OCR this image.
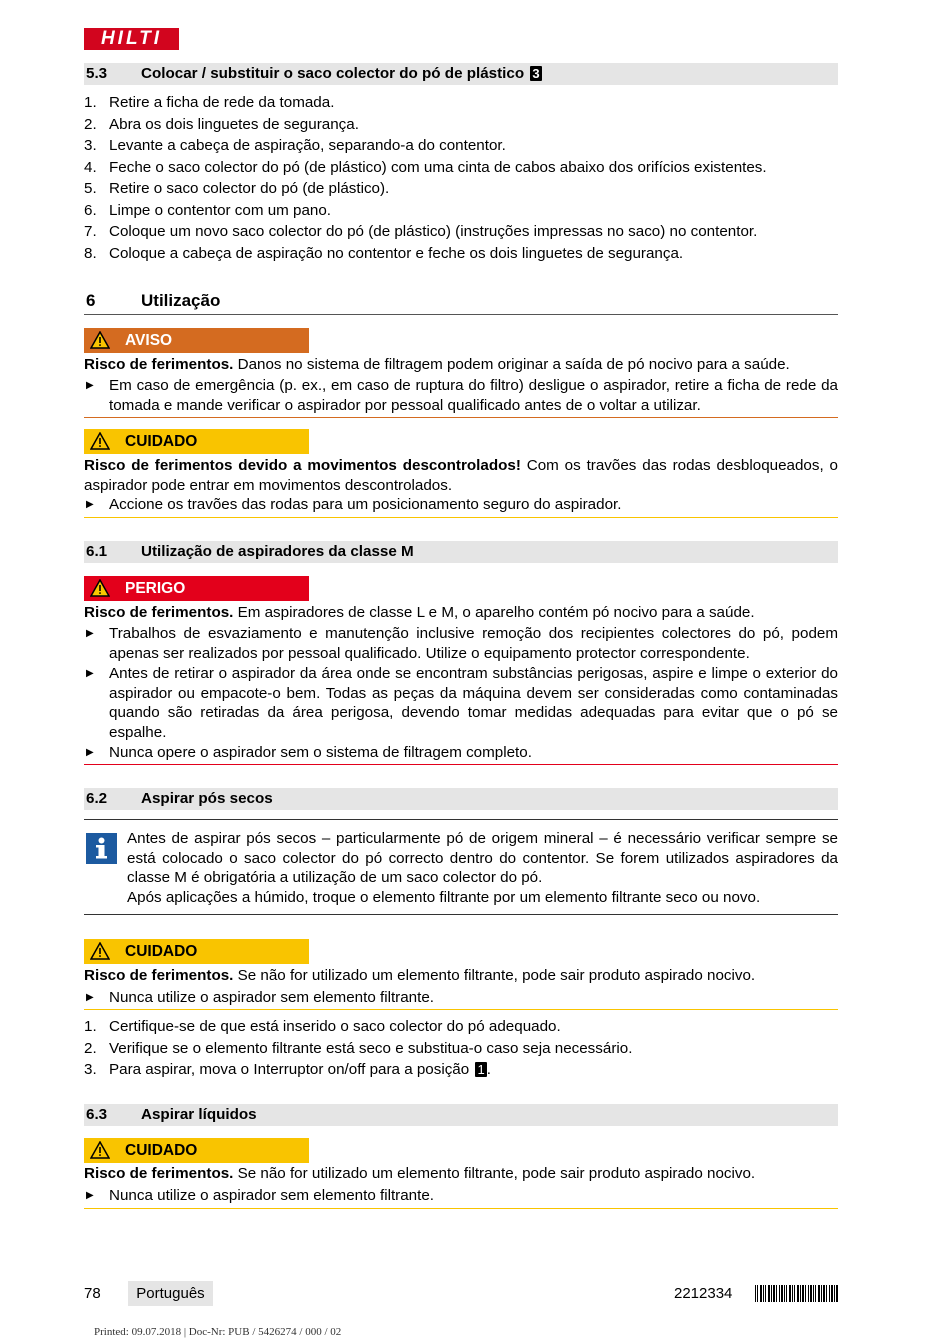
HILTI
5.3 Colocar / substituir o saco colector do pó de plástico 3
1. Retire a ficha de rede da tomada.
2. Abra os dois linguetes de segurança.
3. Levante a cabeça de aspiração, separando-a do contentor.
4. Feche o saco colector do pó (de plástico) com uma cinta de cabos abaixo dos orifícios existentes.
5. Retire o saco colector do pó (de plástico).
6. Limpe o contentor com um pano.
7. Coloque um novo saco colector do pó (de plástico) (instruções impressas no saco) no contentor.
8. Coloque a cabeça de aspiração no contentor e feche os dois linguetes de segurança.
6	Utilização
AVISO
Risco de ferimentos. Danos no sistema de filtragem podem originar a saída de pó nocivo para a saúde.
▶ Em caso de emergência (p. ex., em caso de ruptura do filtro) desligue o aspirador, retire a ficha de rede da tomada e mande verificar o aspirador por pessoal qualificado antes de o voltar a utilizar.
CUIDADO
Risco de ferimentos devido a movimentos descontrolados! Com os travões das rodas desbloqueados, o aspirador pode entrar em movimentos descontrolados.
▶ Accione os travões das rodas para um posicionamento seguro do aspirador.
6.1 Utilização de aspiradores da classe M
PERIGO
Risco de ferimentos. Em aspiradores de classe L e M, o aparelho contém pó nocivo para a saúde.
▶ Trabalhos de esvaziamento e manutenção inclusive remoção dos recipientes colectores do pó, podem apenas ser realizados por pessoal qualificado. Utilize o equipamento protector correspondente.
▶ Antes de retirar o aspirador da área onde se encontram substâncias perigosas, aspire e limpe o exterior do aspirador ou empacote-o bem. Todas as peças da máquina devem ser consideradas como contaminadas quando são retiradas da área perigosa, devendo tomar medidas adequadas para evitar que o pó se espalhe.
▶ Nunca opere o aspirador sem o sistema de filtragem completo.
6.2 Aspirar pós secos
Antes de aspirar pós secos – particularmente pó de origem mineral – é necessário verificar sempre se está colocado o saco colector do pó correcto dentro do contentor. Se forem utilizados aspiradores da classe M é obrigatória a utilização de um saco colector do pó.
Após aplicações a húmido, troque o elemento filtrante por um elemento filtrante seco ou novo.
CUIDADO
Risco de ferimentos. Se não for utilizado um elemento filtrante, pode sair produto aspirado nocivo.
▶ Nunca utilize o aspirador sem elemento filtrante.
1. Certifique-se de que está inserido o saco colector do pó adequado.
2. Verifique se o elemento filtrante está seco e substitua-o caso seja necessário.
3. Para aspirar, mova o Interruptor on/off para a posição 1 .
6.3 Aspirar líquidos
CUIDADO
Risco de ferimentos. Se não for utilizado um elemento filtrante, pode sair produto aspirado nocivo.
▶ Nunca utilize o aspirador sem elemento filtrante.
78	Português	2212334
Printed: 09.07.2018 | Doc-Nr: PUB / 5426274 / 000 / 02
